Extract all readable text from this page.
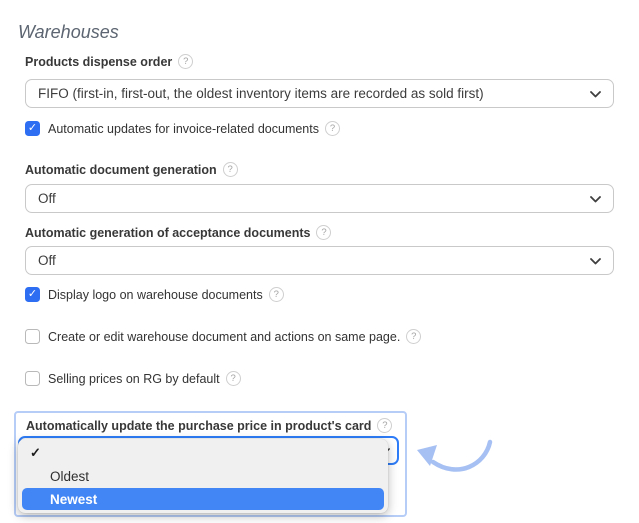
Warehouses
Products dispense order	?
FIFO (first-in, first-out, the oldest inventory items are recorded as sold first)
✓ Automatic updates for invoice-related documents	?
Automatic document generation	?
Off
Automatic generation of acceptance documents	?
Off
✓ Display logo on warehouse documents	?
Create or edit warehouse document and actions on same page.	?
Selling prices on RG by default	?
Automatically update the purchase price in product's card	?
✓
Oldest
Newest
